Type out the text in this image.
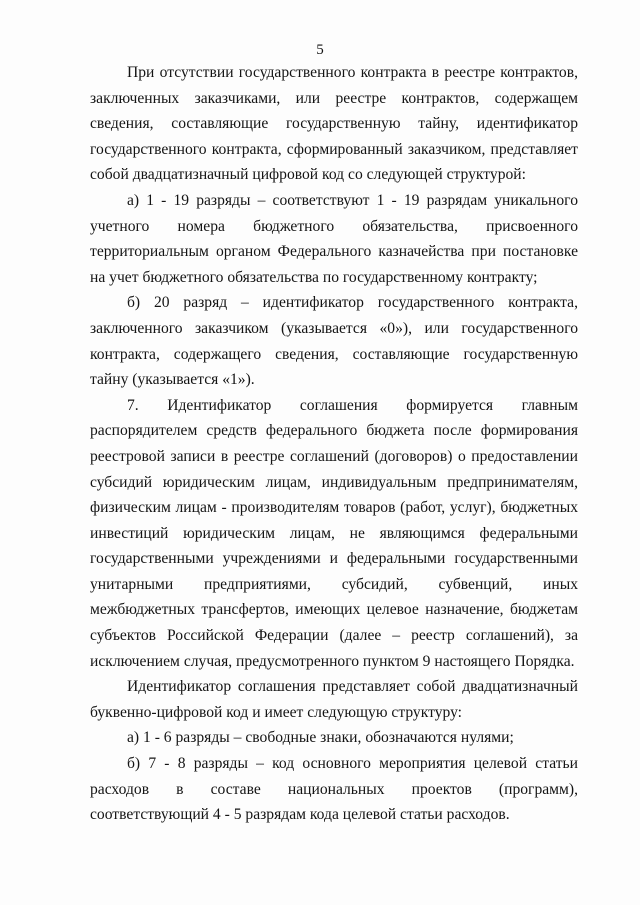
5

При отсутствии государственного контракта в реестре контрактов, заключенных заказчиками, или реестре контрактов, содержащем сведения, составляющие государственную тайну, идентификатор государственного контракта, сформированный заказчиком, представляет собой двадцатизначный цифровой код со следующей структурой:

а) 1 - 19 разряды – соответствуют 1 - 19 разрядам уникального учетного номера бюджетного обязательства, присвоенного территориальным органом Федерального казначейства при постановке на учет бюджетного обязательства по государственному контракту;

б) 20 разряд – идентификатор государственного контракта, заключенного заказчиком (указывается «0»), или государственного контракта, содержащего сведения, составляющие государственную тайну (указывается «1»).

7. Идентификатор соглашения формируется главным распорядителем средств федерального бюджета после формирования реестровой записи в реестре соглашений (договоров) о предоставлении субсидий юридическим лицам, индивидуальным предпринимателям, физическим лицам - производителям товаров (работ, услуг), бюджетных инвестиций юридическим лицам, не являющимся федеральными государственными учреждениями и федеральными государственными унитарными предприятиями, субсидий, субвенций, иных межбюджетных трансфертов, имеющих целевое назначение, бюджетам субъектов Российской Федерации (далее – реестр соглашений), за исключением случая, предусмотренного пунктом 9 настоящего Порядка.

Идентификатор соглашения представляет собой двадцатизначный буквенно-цифровой код и имеет следующую структуру:

а) 1 - 6 разряды – свободные знаки, обозначаются нулями;

б) 7 - 8 разряды – код основного мероприятия целевой статьи расходов в составе национальных проектов (программ), соответствующий 4 - 5 разрядам кода целевой статьи расходов.
